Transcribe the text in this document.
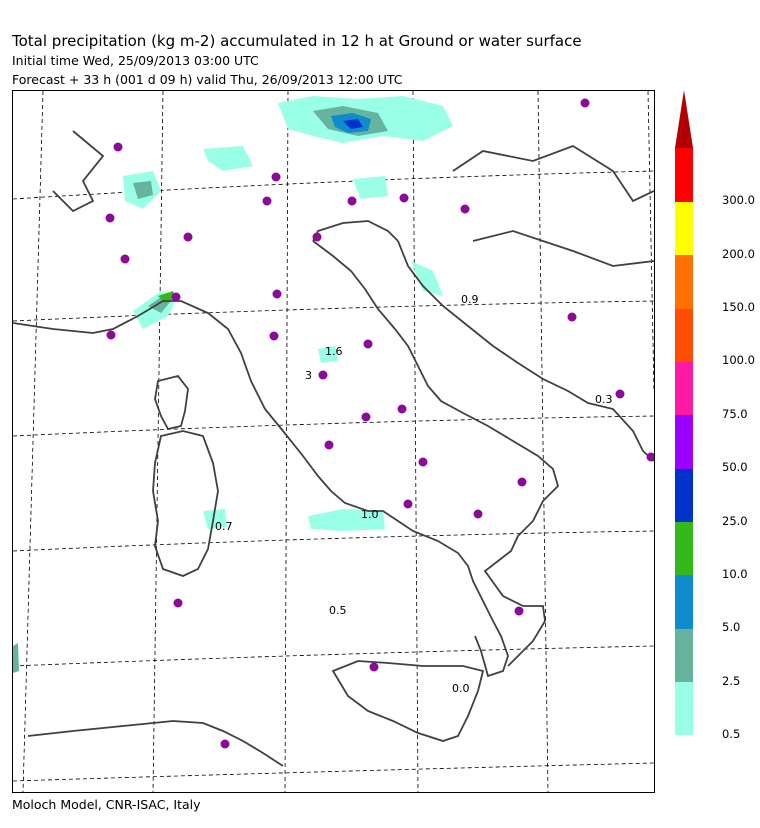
Total precipitation (kg m-2) accumulated in 12 h at Ground or water surface
Initial time Wed, 25/09/2013 03:00 UTC
Forecast + 33 h (001 d 09 h) valid Thu, 26/09/2013 12:00 UTC
0.9
1.6
3
0.3
0.7
1.0
0.5
0.0
0.5
2.5
5.0
10.0
25.0
50.0
75.0
100.0
150.0
200.0
300.0
Moloch Model, CNR-ISAC, Italy
